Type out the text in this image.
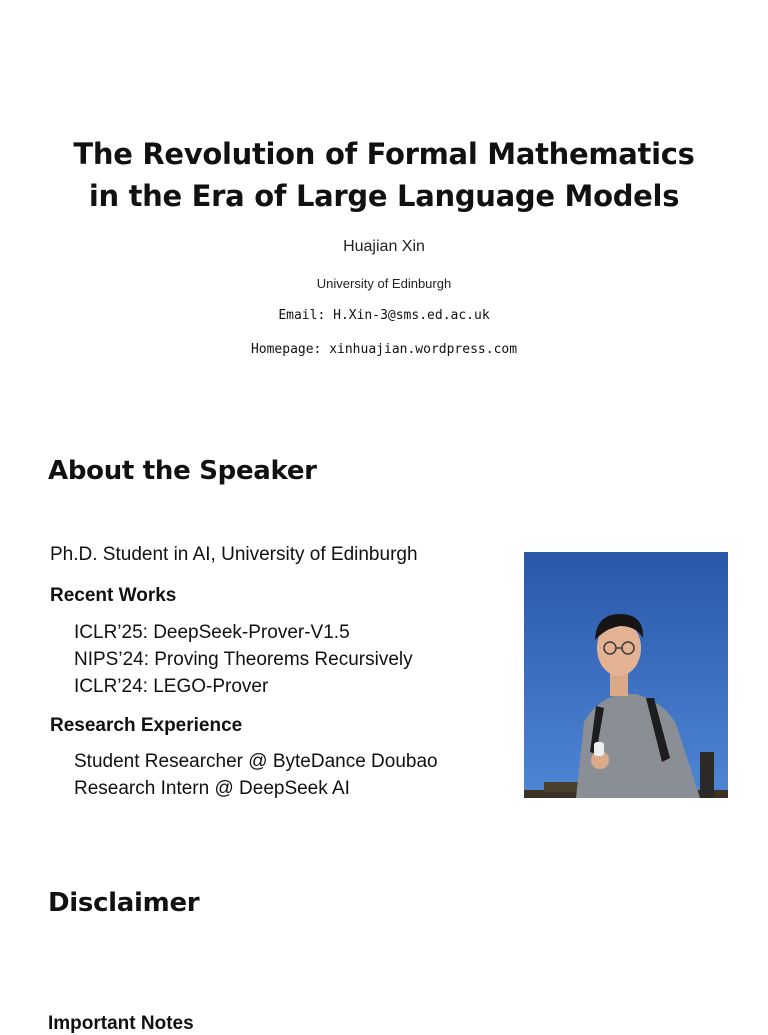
The Revolution of Formal Mathematics
in the Era of Large Language Models
Huajian Xin
University of Edinburgh
Email: H.Xin-3@sms.ed.ac.uk
Homepage: xinhuajian.wordpress.com
About the Speaker
Ph.D. Student in AI, University of Edinburgh
Recent Works
ICLR’25: DeepSeek-Prover-V1.5
NIPS’24: Proving Theorems Recursively
ICLR’24: LEGO-Prover
Research Experience
Student Researcher @ ByteDance Doubao
Research Intern @ DeepSeek AI
Disclaimer
Important Notes
